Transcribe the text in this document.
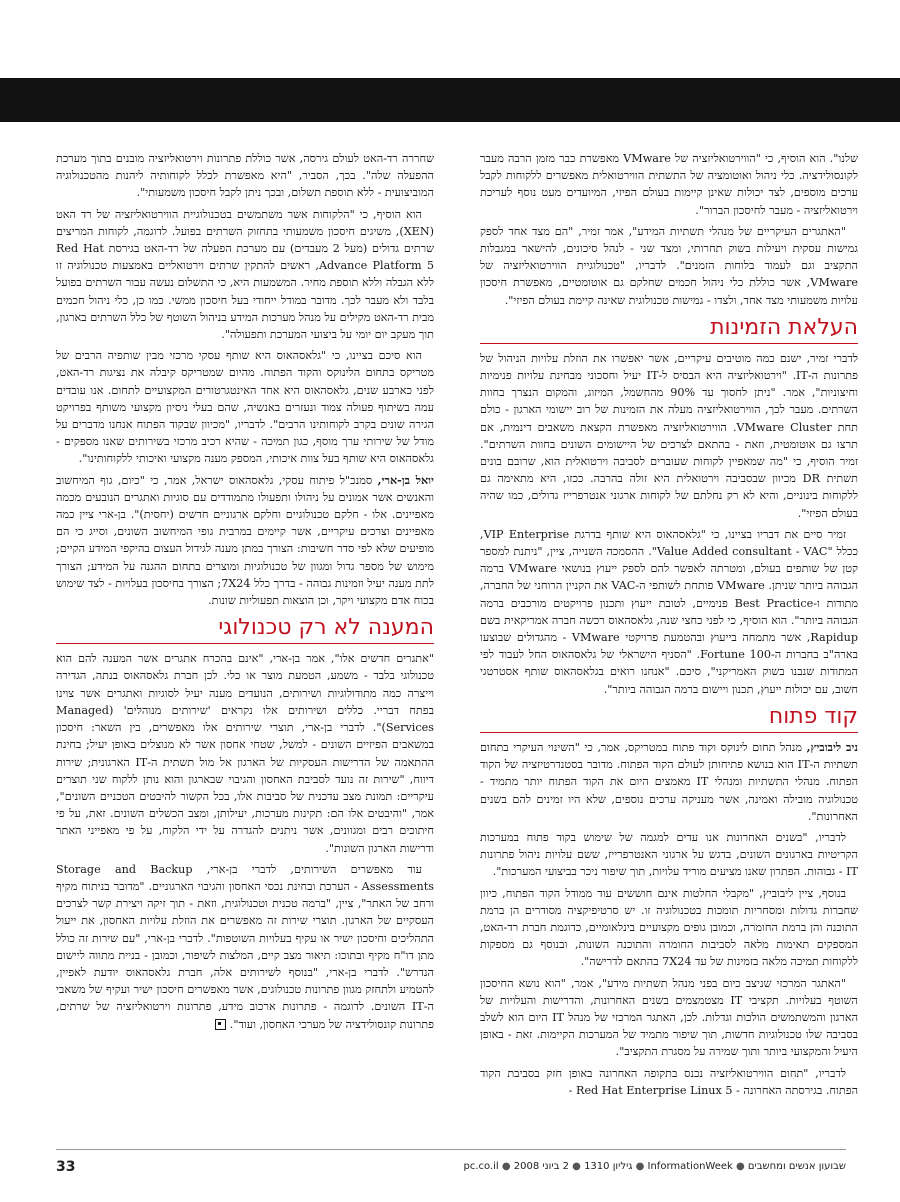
שלנו". הוא הוסיף, כי "הווירטואליזציה של VMware מאפשרת כבר מזמן הרבה מעבר לקונסולידציה. כלי ניהול ואוטומציה של התשתית הווירטואלית מאפשרים ללקוחות לקבל ערכים מוספים, לצד יכולות שאינן קיימות בעולם הפיזי, המיועדים מעט נוסף לעריכת וירטואליזציה - מעבר לחיסכון הברור".

"האתגרים העיקריים של מנהלי תשתיות המידע", אמר זמיר, "הם מצד אחד לספק גמישות עסקית ויעילות בשוק תחרותי, ומצד שני - לנהל סיכונים, להישאר במגבלות התקציב וגם לעמוד בלוחות הזמנים". לדבריו, "טכנולוגיית הווירטואליזציה של VMware, אשר כוללת כלי ניהול חכמים שחלקם גם אוטומטיים, מאפשרת חיסכון עלויות משמעותי מצד אחד, ולצדו - גמישות טכנולוגית שאינה קיימת בעולם הפיזי".

העלאת הזמינות

לדברי זמיר, ישנם כמה מוטיבים עיקריים, אשר יאפשרו את הוזלת עלויות הניהול של פתרונות ה-IT. "וירטואליזציה היא הבסיס ל-IT יעיל וחסכוני מבחינת עלויות פנימיות וחיצוניות", אמר. "ניתן לחסוך עד 90% מהחשמל, המיזוג, והמקום הנצרך בחוות השרתים. מעבר לכך, הווירטואליזציה מעלה את הזמינות של רוב יישומי הארגון - כולם תחת VMware Cluster. הווירטואליזציה מאפשרת הקצאת משאבים דינמית, אם תרצו גם אוטומטית, וזאת - בהתאם לצרכים של היישומים השונים בחוות השרתים". זמיר הוסיף, כי "מה שמאפיין לקוחות שעוברים לסביבה וירטואלית הוא, שרובם בונים תשתית DR מכיוון שבסביבה וירטואלית היא זולה בהרבה. ככזו, היא מתאימה גם ללקוחות בינוניים, והיא לא רק נחלתם של לקוחות ארגוני אנטרפרייז גדולים, כמו שהיה בעולם הפיזי".

זמיר סיים את דבריו בציינו, כי "גלאסהאוס היא שותף בדרגת VIP Enterprise, ככלל "Value Added consultant - VAC". ההסמכה השנייה, ציין, "ניתנת למספר קטן של שותפים בעולם, ומטרתה לאפשר להם לספק ייעוץ בנושאי VMware ברמה הגבוהה ביותר שניתן. VMware פותחת לשותפי ה-VAC את הקניין הרוחני של החברה, מתודות ו-Best Practice פנימיים, לטובת ייעוץ ותכנון פרויקטים מורכבים ברמה הגבוהה ביותר". הוא הוסיף, כי לפני כחצי שנה, גלאסהאוס רכשה חברה אמריקאית בשם Rapidup, אשר מתמחה בייעוץ ובהטמעת פרויקטי VMware - מהגדולים שבוצעו בארה"ב בחברות ה-Fortune 100. "הסניף הישראלי של גלאסהאוס החל לעבוד לפי המתודות שנבנו בשוק האמריקני", סיכם. "אנחנו רואים בגלאסהאוס שותף אסטרטגי חשוב, עם יכולות ייעוץ, תכנון ויישום ברמה הגבוהה ביותר".

קוד פתוח

ניב ליבוביץ, מנהל תחום לינוקס וקוד פתוח במטריקס, אמר, כי "השינוי העיקרי בתחום תשתיות ה-IT הוא בנושא פתיחותן לעולם הקוד הפתוח. מדובר בסטנדרטיזציה של הקוד הפתוח. מנהלי התשתיות ומנהלי IT מאמצים היום את הקוד הפתוח יותר מתמיד - טכנולוגיה מובילה ואמינה, אשר מעניקה ערכים נוספים, שלא היו זמינים להם בשנים האחרונות".

לדבריו, "בשנים האחרונות אנו עדים למגמה של שימוש בקוד פתוח במערכות הקריטיות בארגונים השונים, בדגש על ארגוני האנטרפרייז, ששם עלויות ניהול פתרונות IT - גבוהות. הפתרון שאנו מציעים מוריד עלויות, תוך שיפור ניכר בביצועי המערכות".

בנוסף, ציין ליבוביץ, "מקבלי החלטות אינם חוששים עוד ממודל הקוד הפתוח, כיוון שחברות גדולות ומסחריות תומכות בטכנולוגיה זו. יש סרטיפיקציה מסודרים הן ברמת התוכנה והן ברמת החומרה, וכמובן גופים מקצועיים בינלאומיים, כדוגמת חברת רד-האט, המספקים תאימות מלאה לסביבות החומרה והתוכנה השונות, ובנוסף גם מספקות ללקוחות תמיכה מלאה בזמינות של עד 7X24 בהתאם לדרישה".

"האתגר המרכזי שניצב כיום בפני מנהל תשתיות מידע", אמר, "הוא נושא החיסכון השוטף בעלויות. תקציבי IT מצטמצמים בשנים האחרונות, והדרישות והעלויות של הארגון והמשתמשים הולכות וגדלות. לכן, האתגר המרכזי של מנהל IT היום הוא לשלב בסביבה שלו טכנולוגיות חדשות, תוך שיפור מתמיד של המערכות הקיימות. זאת - באופן היעיל והמקצועי ביותר ותוך שמירה על מסגרת התקציב".

לדבריו, "תחום הווירטואליזציה נכנס בתקופה האחרונה באופן חזק בסביבת הקוד הפתוח. בגירסתה האחרונה - Red Hat Enterprise Linux 5 -

שחררה רד-האט לעולם גירסה, אשר כוללת פתרונות וירטואליזציה מובנים בתוך מערכת ההפעלה שלה". בכך, הסביר, "היא מאפשרת לכלל לקוחותיה ליהנות מהטכנולוגיה המוביצועית - ללא תוספת תשלום, ובכך ניתן לקבל חיסכון משמעותי".

הוא הוסיף, כי "הלקוחות אשר משתמשים בטכנולוגיית הווירטואליזציה של רד האט (XEN), משיגים חיסכון משמעותי בתחזוק השרתים בפועל. לדוגמה, לקוחות המריצים שרתים גדולים (מעל 2 מעבדים) עם מערכת הפעלה של רד-האט בגירסת Red Hat Advance Platform 5, ראשים להתקין שרתים וירטואליים באמצעות טכנולוגיה זו ללא הגבלה וללא תוספת מחיר. המשמעות היא, כי התשלום נעשה עבור השרתים בפועל בלבד ולא מעבר לכך. מדובר במודל ייחודי בעל חיסכון ממשי. כמו כן, כלי ניהול חכמים מבית רד-האט מקילים על מנהל מערכות המידע בניהול השוטף של כלל השרתים בארגון, תוך מעקב יום יומי על ביצועי המערכת ותפעולה".

הוא סיכם בציינו, כי "גלאסהאוס היא שותף עסקי מרכזי מבין שותפיה הרבים של מטריקס בתחום הלינוקס והקוד הפתוח. מהיום שמטריקס קיבלה את נציגות רד-האט, לפני כארבע שנים, גלאסהאוס היא אחד האינטגרטורים המקצועיים לתחום. אנו עובדים עמה בשיתוף פעולה צמוד ונעזרים באנשיה, שהם בעלי ניסיון מקצועי משותף בפרויקט הגירה שונים בקרב לקוחותינו הרבים". לדבריו, "מכיוון שבקוד הפתוח אנחנו מדברים על מודל של שירותי ערך מוסף, כגון תמיכה - שהיא רכיב מרכזי בשירותים שאנו מספקים - גלאסהאוס היא שותף בעל צוות איכותי, המספק מענה מקצועי ואיכותי ללקוחותינו".

יואל בן-ארי, סמנכ"ל פיתוח עסקי, גלאסהאוס ישראל, אמר, כי "כיום, גוף המיחשוב והאנשים אשר אמונים על ניהולו ותפעולו מתמודדים עם סוגיות ואתגרים הנובעים מכמה מאפיינים. אלו - חלקם טכנולוגיים וחלקם ארגוניים חדשים (יחסית)". בן-ארי ציין כמה מאפיינים וצרכים עיקריים, אשר קיימים במרבית גופי המיחשוב השונים, וסייג כי הם מופיעים שלא לפי סדר חשיבות: הצורך במתן מענה לגידול העצום בהיקפי המידע הקיים; מימוש של מספר גדול ומגוון של טכנולוגיות ומוצרים בתחום ההגנה על המידע; הצורך לתת מענה יעיל וזמינות גבוהה - בדרך כלל 7X24; הצורך בחיסכון בעלויות - לצד שימוש בכוח אדם מקצועי ויקר, וכן הוצאות תפעוליות שונות.

המענה לא רק טכנולוגי

"אתגרים חדשים אלו", אמר בן-ארי, "אינם בהכרח אתגרים אשר המענה להם הוא טכנולוגי בלבד - משמע, הטמעת מוצר או כלי. לכן חברת גלאסהאוס בנתה, הגדירה וייצרה כמה מתודולוגיות ושירותים, הנועדים מענה יעיל לסוגיות ואתגרים אשר צוינו בפתח דבריי. כללים ושירותים אלו נקראים 'שירותים מנוהלים' (Managed Services)". לדברי בן-ארי, תוצרי שירותים אלו מאפשרים, בין השאר: חיסכון במשאבים הפיזיים השונים - למשל, שטחי אחסון אשר לא מנוצלים באופן יעיל; בחינת ההתאמה של הדרישות העסקיות של הארגון אל מול תשתית ה-IT הארגונית; שירות דיווח, "שירות זה נועד לסביבת האחסון והגיבוי שבארגון והוא נותן ללקוח שני תוצרים עיקריים: תמונת מצב עדכנית של סביבות אלו, בכל הקשור להיבטים הטכניים השונים", אמר, "והיבטים אלו הם: תקינות מערכות, יעילותן, ומצב הכשלים השונים. זאת, על פי חיתוכים רבים ומגוונים, אשר ניתנים להגדרה על ידי הלקוח, על פי מאפייני האתר ודרישות הארגון השונות".

עוד מאפשרים השירותים, לדברי בן-ארי, Storage and Backup Assessments - הערכת ובחינת נכסי האחסון והגיבוי הארגוניים. "מדובר בניתוח מקיף ורחב של האתר", ציין, "ברמה טכנית וטכנולוגית, וזאת - תוך זיקה ויצירת קשר לצרכים העסקיים של הארגון. תוצרי שירות זה מאפשרים את הוזלת עלויות האחסון, את ייעול התהליכים וחיסכון ישיר או עקיף בעלויות השוטפות". לדברי בן-ארי, "עם שירות זה כולל מתן דו"ח מקיף ובתוכו: תיאור מצב קיים, המלצות לשיפור, וכמובן - בניית מתווה ליישום הנדרש". לדברי בן-ארי, "בנוסף לשירותים אלה, חברת גלאסהאוס יודעת לאפיין, להטמיע ולתחזק מגוון פתרונות טכנולוגים, אשר מאפשרים חיסכון ישיר ועקיף של משאבי ה-IT השונים. לדוגמה - פתרונות ארכוב מידע, פתרונות וירטואליזציה של שרתים, פתרונות קונסולידציה של מערכי האחסון, ועוד".

33	שבועון אנשים ומחשבים● InformationWeek● גיליון 1310● 2 ביוני 2008● pc.co.il
